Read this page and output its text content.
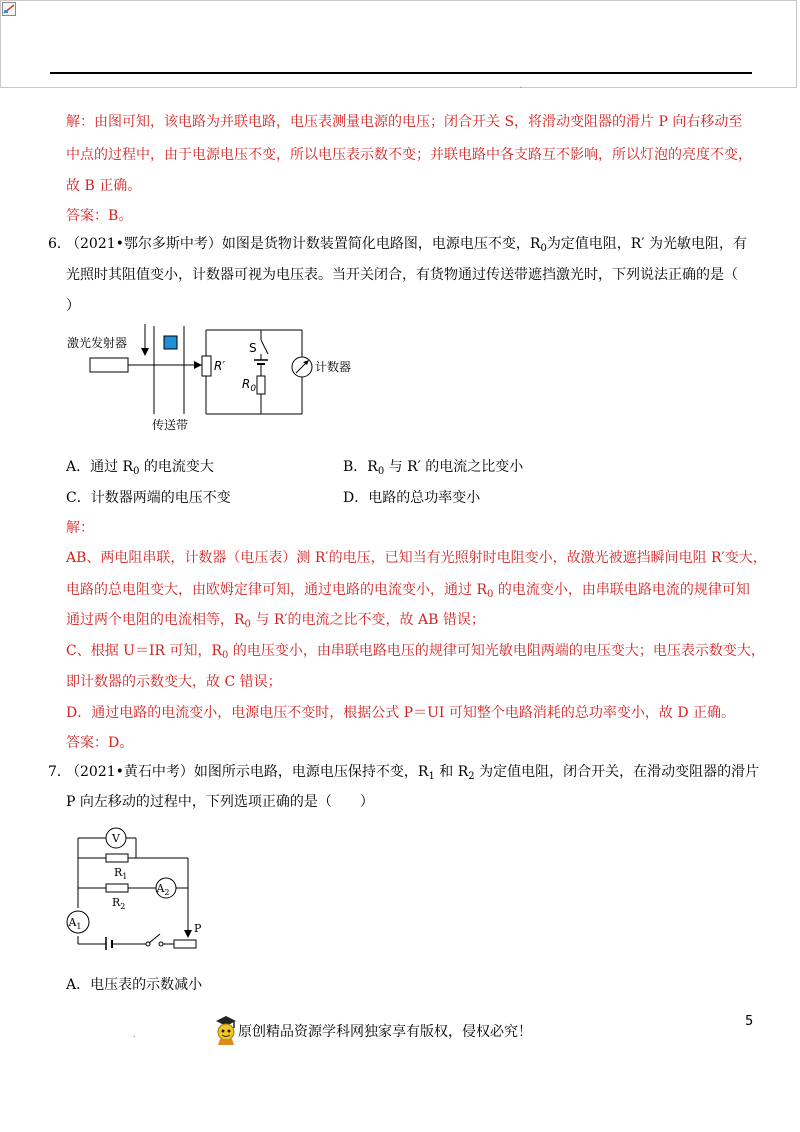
,
解：由图可知，该电路为并联电路，电压表测量电源的电压；闭合开关 S，将滑动变阻器的滑片 P 向右移动至
中点的过程中，由于电源电压不变，所以电压表示数不变；并联电路中各支路互不影响，所以灯泡的亮度不变，
故 B 正确。
答案：B。
6．
（2021•鄂尔多斯中考）如图是货物计数装置简化电路图，电源电压不变，$R_0$为定值电阻，R′ 为光敏电阻，有
光照时其阻值变小，计数器可视为电压表。当开关闭合，有货物通过传送带遮挡激光时，下列说法正确的是（
）
激光发射器
传送带
R′	计数器
S
$R_0$
A．通过 $R_0$ 的电流变大	B．$R_0$ 与 R′ 的电流之比变小
C．计数器两端的电压不变	D．电路的总功率变小
解：
AB、两电阻串联，计数器（电压表）测 R′的电压，已知当有光照射时电阻变小，故激光被遮挡瞬间电阻 R′变大，
电路的总电阻变大，由欧姆定律可知，通过电路的电流变小，通过 $R_0$ 的电流变小，由串联电路电流的规律可知
通过两个电阻的电流相等，$R_0$ 与 R′的电流之比不变，故 AB 错误；
C、根据 U＝IR 可知，$R_0$ 的电压变小，由串联电路电压的规律可知光敏电阻两端的电压变大；电压表示数变大，
即计数器的示数变大，故 C 错误；
D．通过电路的电流变小，电源电压不变时，根据公式 P＝UI 可知整个电路消耗的总功率变小，故 D 正确。
答案：D。
7．
（2021•黄石中考）如图所示电路，电源电压保持不变，$R_1$ 和 $R_2$ 为定值电阻，闭合开关，在滑动变阻器的滑片
P 向左移动的过程中，下列选项正确的是（　　）
V
$R_1$
$R_2$
$A_2$
$A_1$	P
A．电压表的示数减小
5
.	原创精品资源学科网独家享有版权，侵权必究！
